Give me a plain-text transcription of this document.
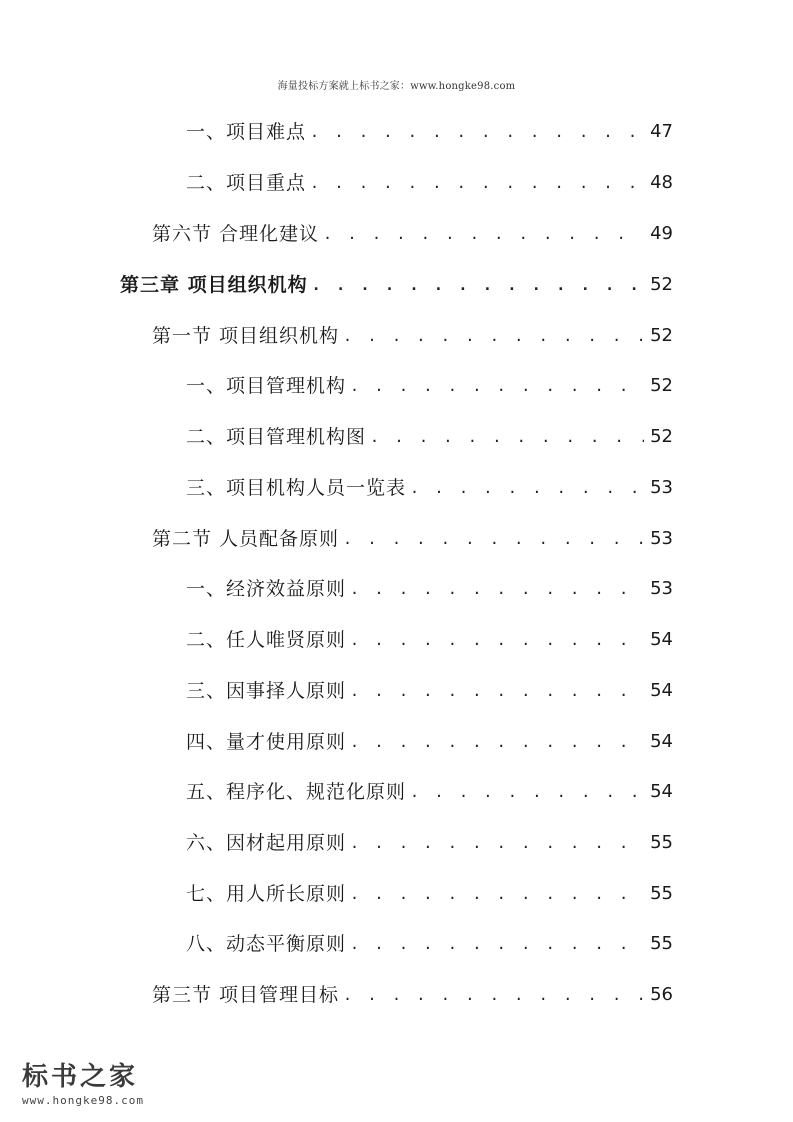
海量投标方案就上标书之家：www.hongke98.com
一、项目难点 . . .	47
二、项目重点 . . .	48
第六节 合理化建议 . . .	49
第三章 项目组织机构 . . .	52
第一节 项目组织机构 . . .	52
一、项目管理机构 . . .	52
二、项目管理机构图 . . .	52
三、项目机构人员一览表 . . .	53
第二节 人员配备原则 . . .	53
一、经济效益原则 . . .	53
二、任人唯贤原则 . . .	54
三、因事择人原则 . . .	54
四、量才使用原则 . . .	54
五、程序化、规范化原则 . . .	54
六、因材起用原则 . . .	55
七、用人所长原则 . . .	55
八、动态平衡原则 . . .	55
第三节 项目管理目标 . . .	56
标书之家
www.hongke98.com
